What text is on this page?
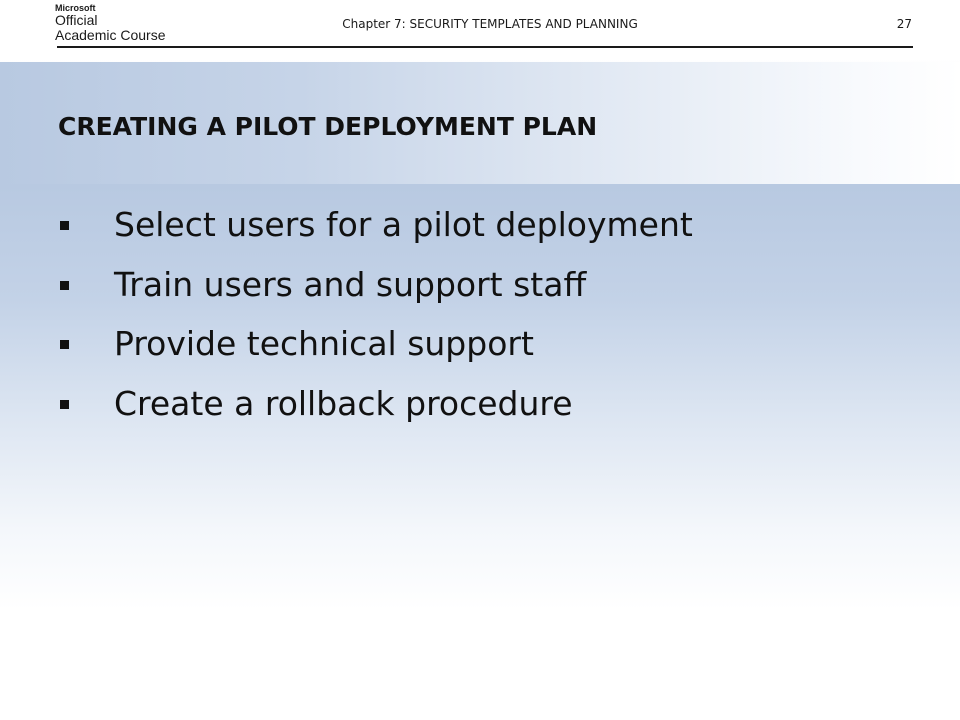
Microsoft
Official
Academic Course
Chapter 7: SECURITY TEMPLATES AND PLANNING	27
CREATING A PILOT DEPLOYMENT PLAN
Select users for a pilot deployment
Train users and support staff
Provide technical support
Create a rollback procedure
